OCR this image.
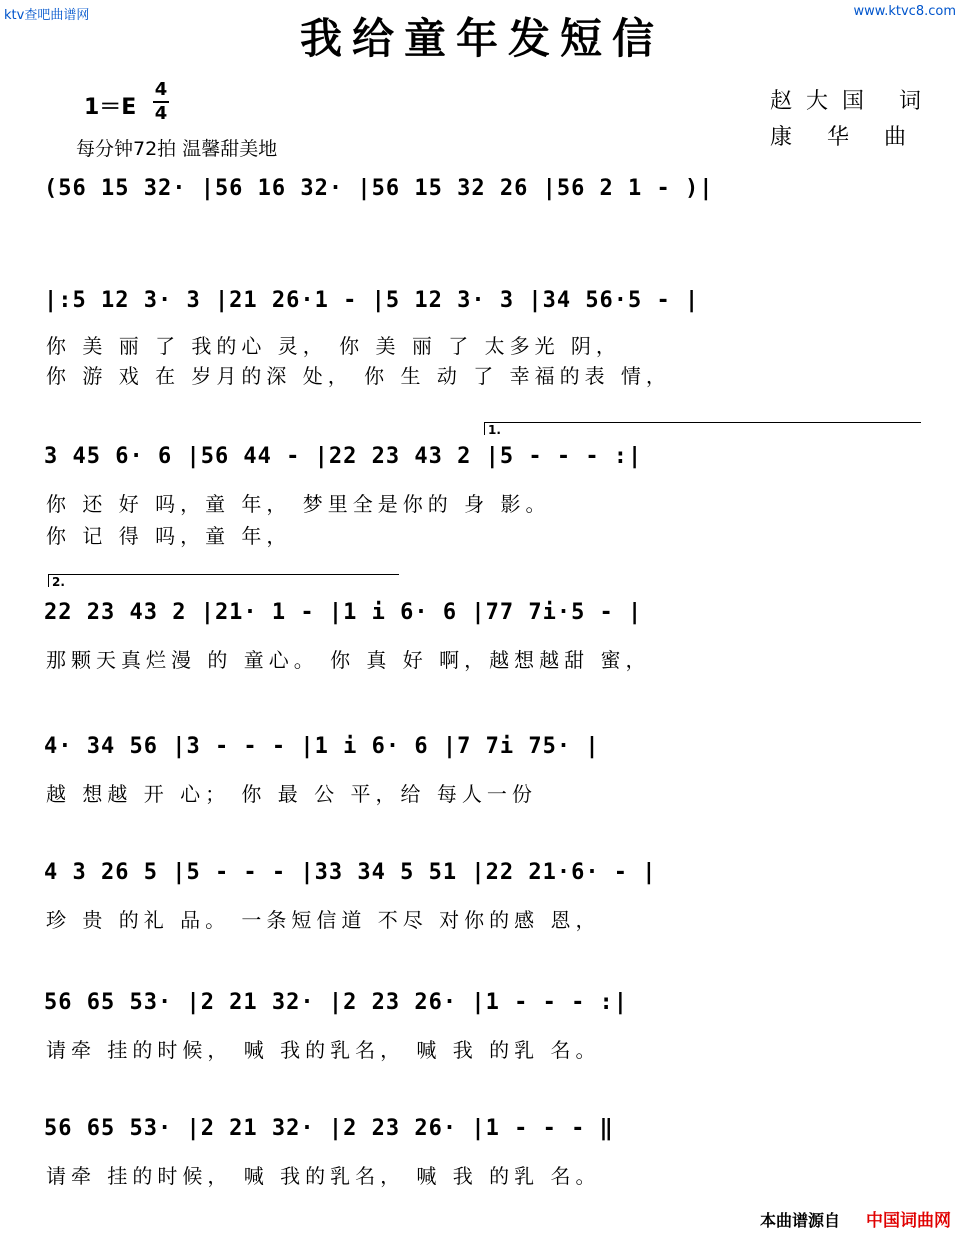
ktv查吧曲谱网	www.ktvc8.com
我给童年发短信
1＝E
4
4
每分钟72拍 温馨甜美地
赵大国 词
康 华 曲
(56 15 32· |56 16 32· |56 15 32 26 |56 2 1 - )|
|:5 12 3· 3 |21 26·1 - |5 12 3· 3 |34 56·5 - |
你 美 丽 了 我的心 灵， 你 美 丽 了 太多光 阴，
你 游 戏 在 岁月的深 处， 你 生 动 了 幸福的表 情，
1.
3 45 6· 6 |56 44 - |22 23 43 2 |5 - - - :|
你 还 好 吗，童 年， 梦里全是你的 身 影。
你 记 得 吗，童 年，
2.
22 23 43 2 |21· 1 - |1 i 6· 6 |77 7i·5 - |
那颗天真烂漫 的 童心。 你 真 好 啊，越想越甜 蜜，
4· 34 56 |3 - - - |1 i 6· 6 |7 7i 75· |
越 想越 开 心； 你 最 公 平，给 每人一份
4 3 26 5 |5 - - - |33 34 5 51 |22 21·6· - |
珍 贵 的礼 品。 一条短信道 不尽 对你的感 恩，
56 65 53· |2 21 32· |2 23 26· |1 - - - :|
请牵 挂的时候， 喊 我的乳名， 喊 我 的乳 名。
56 65 53· |2 21 32· |2 23 26· |1 - - - ‖
请牵 挂的时候， 喊 我的乳名， 喊 我 的乳 名。
本曲谱源自 中国词曲网
